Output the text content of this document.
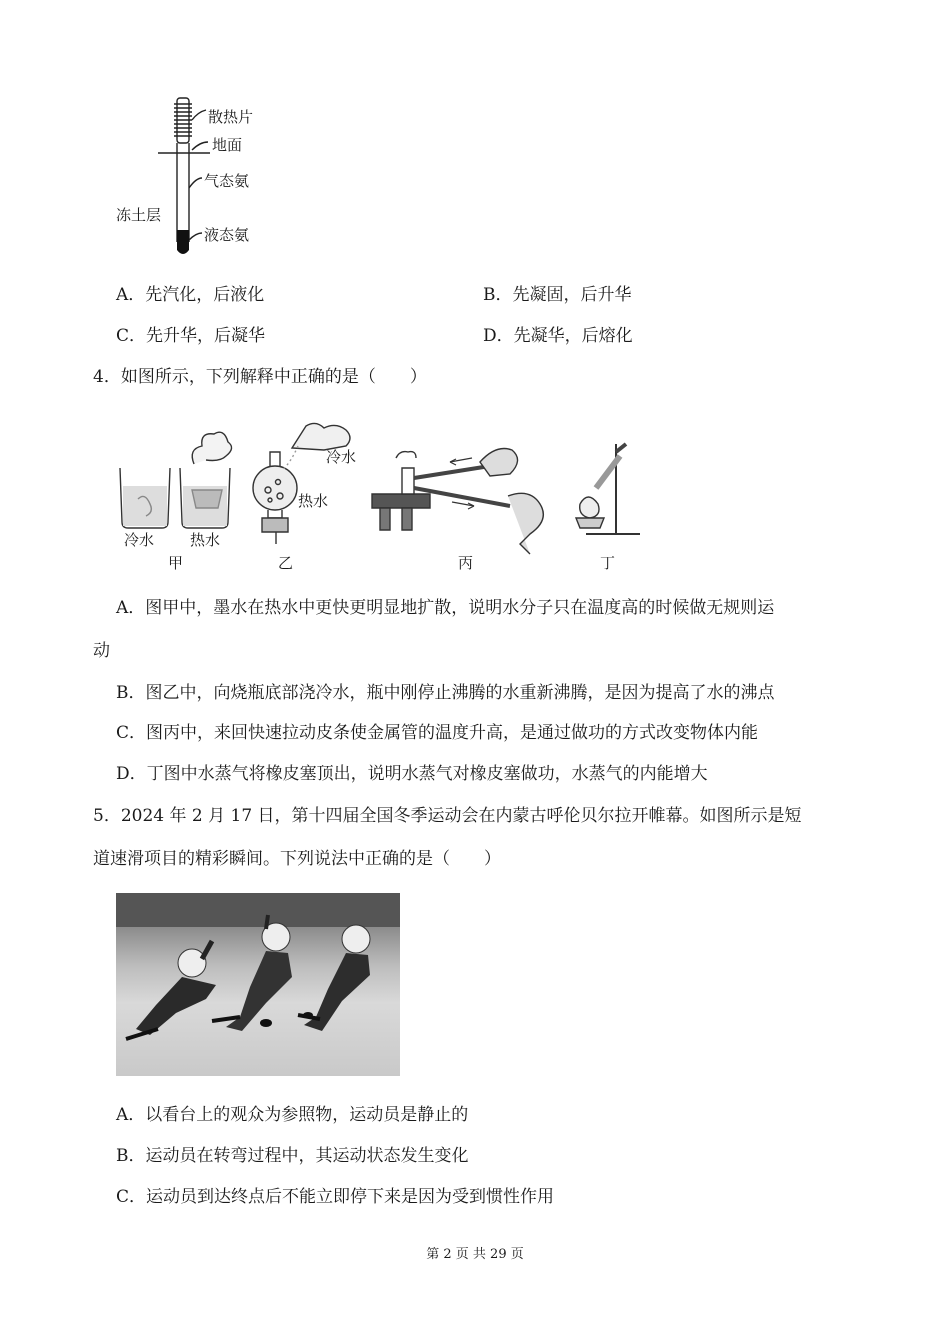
散热片
地面
气态氨
冻土层
液态氨
A．先汽化，后液化	B．先凝固，后升华
C．先升华，后凝华	D．先凝华，后熔化
4．如图所示，下列解释中正确的是（　　）
冷水 热水
冷水
热水
甲	乙	丙	丁
A．图甲中，墨水在热水中更快更明显地扩散，说明水分子只在温度高的时候做无规则运
动
B．图乙中，向烧瓶底部浇冷水，瓶中刚停止沸腾的水重新沸腾，是因为提高了水的沸点
C．图丙中，来回快速拉动皮条使金属管的温度升高，是通过做功的方式改变物体内能
D．丁图中水蒸气将橡皮塞顶出，说明水蒸气对橡皮塞做功，水蒸气的内能增大
5．2024 年 2 月 17 日，第十四届全国冬季运动会在内蒙古呼伦贝尔拉开帷幕。如图所示是短
道速滑项目的精彩瞬间。下列说法中正确的是（　　）
A．以看台上的观众为参照物，运动员是静止的
B．运动员在转弯过程中，其运动状态发生变化
C．运动员到达终点后不能立即停下来是因为受到惯性作用
第 2 页 共 29 页
